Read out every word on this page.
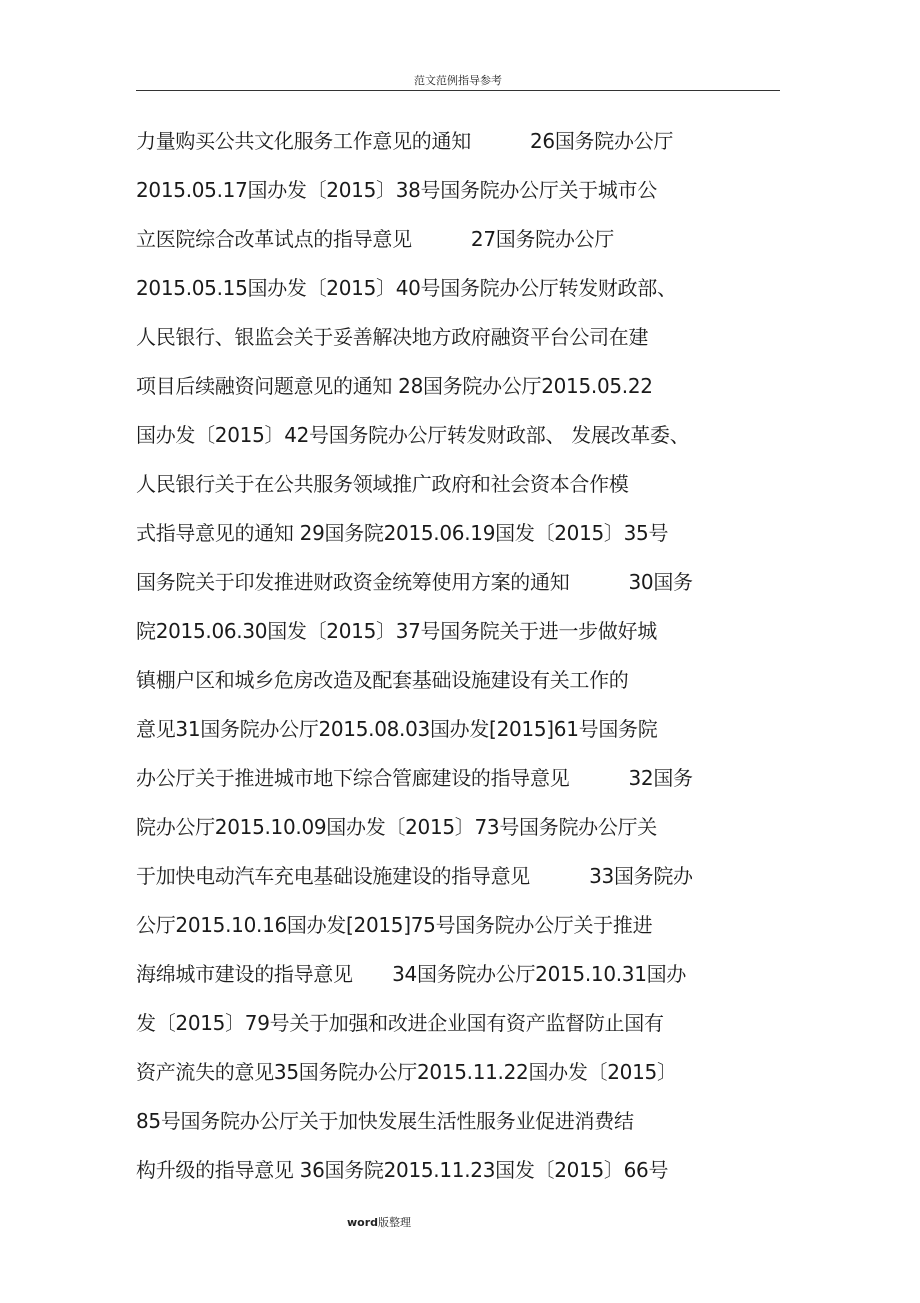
范文范例指导参考
力量购买公共文化服务工作意见的通知　　　26国务院办公厅
2015.05.17国办发〔2015〕38号国务院办公厅关于城市公
立医院综合改革试点的指导意见　　　27国务院办公厅
2015.05.15国办发〔2015〕40号国务院办公厅转发财政部、
人民银行、银监会关于妥善解决地方政府融资平台公司在建
项目后续融资问题意见的通知 28国务院办公厅2015.05.22
国办发〔2015〕42号国务院办公厅转发财政部、 发展改革委、
人民银行关于在公共服务领域推广政府和社会资本合作模
式指导意见的通知 29国务院2015.06.19国发〔2015〕35号
国务院关于印发推进财政资金统筹使用方案的通知　　　30国务
院2015.06.30国发〔2015〕37号国务院关于进一步做好城
镇棚户区和城乡危房改造及配套基础设施建设有关工作的
意见31国务院办公厅2015.08.03国办发[2015]61号国务院
办公厅关于推进城市地下综合管廊建设的指导意见　　　32国务
院办公厅2015.10.09国办发〔2015〕73号国务院办公厅关
于加快电动汽车充电基础设施建设的指导意见　　　33国务院办
公厅2015.10.16国办发[2015]75号国务院办公厅关于推进
海绵城市建设的指导意见　　34国务院办公厅2015.10.31国办
发〔2015〕79号关于加强和改进企业国有资产监督防止国有
资产流失的意见35国务院办公厅2015.11.22国办发〔2015〕
85号国务院办公厅关于加快发展生活性服务业促进消费结
构升级的指导意见 36国务院2015.11.23国发〔2015〕66号
word版整理
